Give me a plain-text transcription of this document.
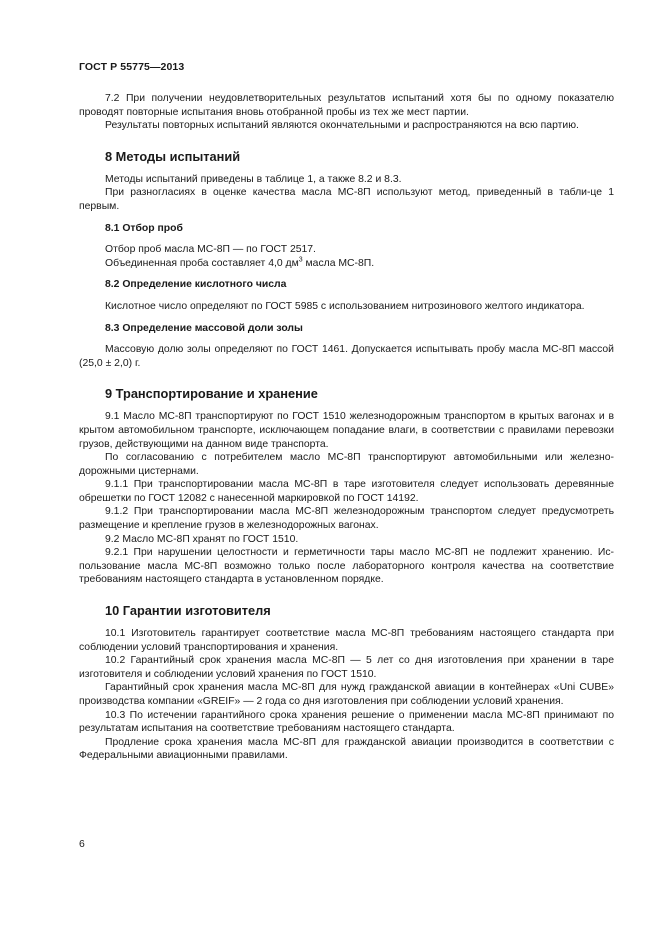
ГОСТ Р 55775—2013

7.2 При получении неудовлетворительных результатов испытаний хотя бы по одному показателю проводят повторные испытания вновь отобранной пробы из тех же мест партии.

Результаты повторных испытаний являются окончательными и распространяются на всю партию.

8 Методы испытаний

Методы испытаний приведены в таблице 1, а также 8.2 и 8.3.

При разногласиях в оценке качества масла МС-8П используют метод, приведенный в табли-це 1 первым.

8.1 Отбор проб

Отбор проб масла МС-8П — по ГОСТ 2517.

Объединенная проба составляет 4,0 $дм^3$ масла МС-8П.

8.2 Определение кислотного числа

Кислотное число определяют по ГОСТ 5985 с использованием нитрозинового желтого индикатора.

8.3 Определение массовой доли золы

Массовую долю золы определяют по ГОСТ 1461. Допускается испытывать пробу масла МС-8П массой (25,0 ± 2,0) г.

9 Транспортирование и хранение

9.1 Масло МС-8П транспортируют по ГОСТ 1510 железнодорожным транспортом в крытых вагонах и в крытом автомобильном транспорте, исключающем попадание влаги, в соответствии с правилами перевозки грузов, действующими на данном виде транспорта.

По согласованию с потребителем масло МС-8П транспортируют автомобильными или железно-дорожными цистернами.

9.1.1 При транспортировании масла МС-8П в таре изготовителя следует использовать деревянные обрешетки по ГОСТ 12082 с нанесенной маркировкой по ГОСТ 14192.

9.1.2 При транспортировании масла МС-8П железнодорожным транспортом следует предусмотреть размещение и крепление грузов в железнодорожных вагонах.

9.2 Масло МС-8П хранят по ГОСТ 1510.

9.2.1 При нарушении целостности и герметичности тары масло МС-8П не подлежит хранению. Ис-пользование масла МС-8П возможно только после лабораторного контроля качества на соответствие требованиям настоящего стандарта в установленном порядке.

10 Гарантии изготовителя

10.1 Изготовитель гарантирует соответствие масла МС-8П требованиям настоящего стандарта при соблюдении условий транспортирования и хранения.

10.2 Гарантийный срок хранения масла МС-8П — 5 лет со дня изготовления при хранении в таре изготовителя и соблюдении условий хранения по ГОСТ 1510.

Гарантийный срок хранения масла МС-8П для нужд гражданской авиации в контейнерах «Uni CUBE» производства компании «GREIF» — 2 года со дня изготовления при соблюдении условий хранения.

10.3 По истечении гарантийного срока хранения решение о применении масла МС-8П принимают по результатам испытания на соответствие требованиям настоящего стандарта.

Продление срока хранения масла МС-8П для гражданской авиации производится в соответствии с Федеральными авиационными правилами.

6
